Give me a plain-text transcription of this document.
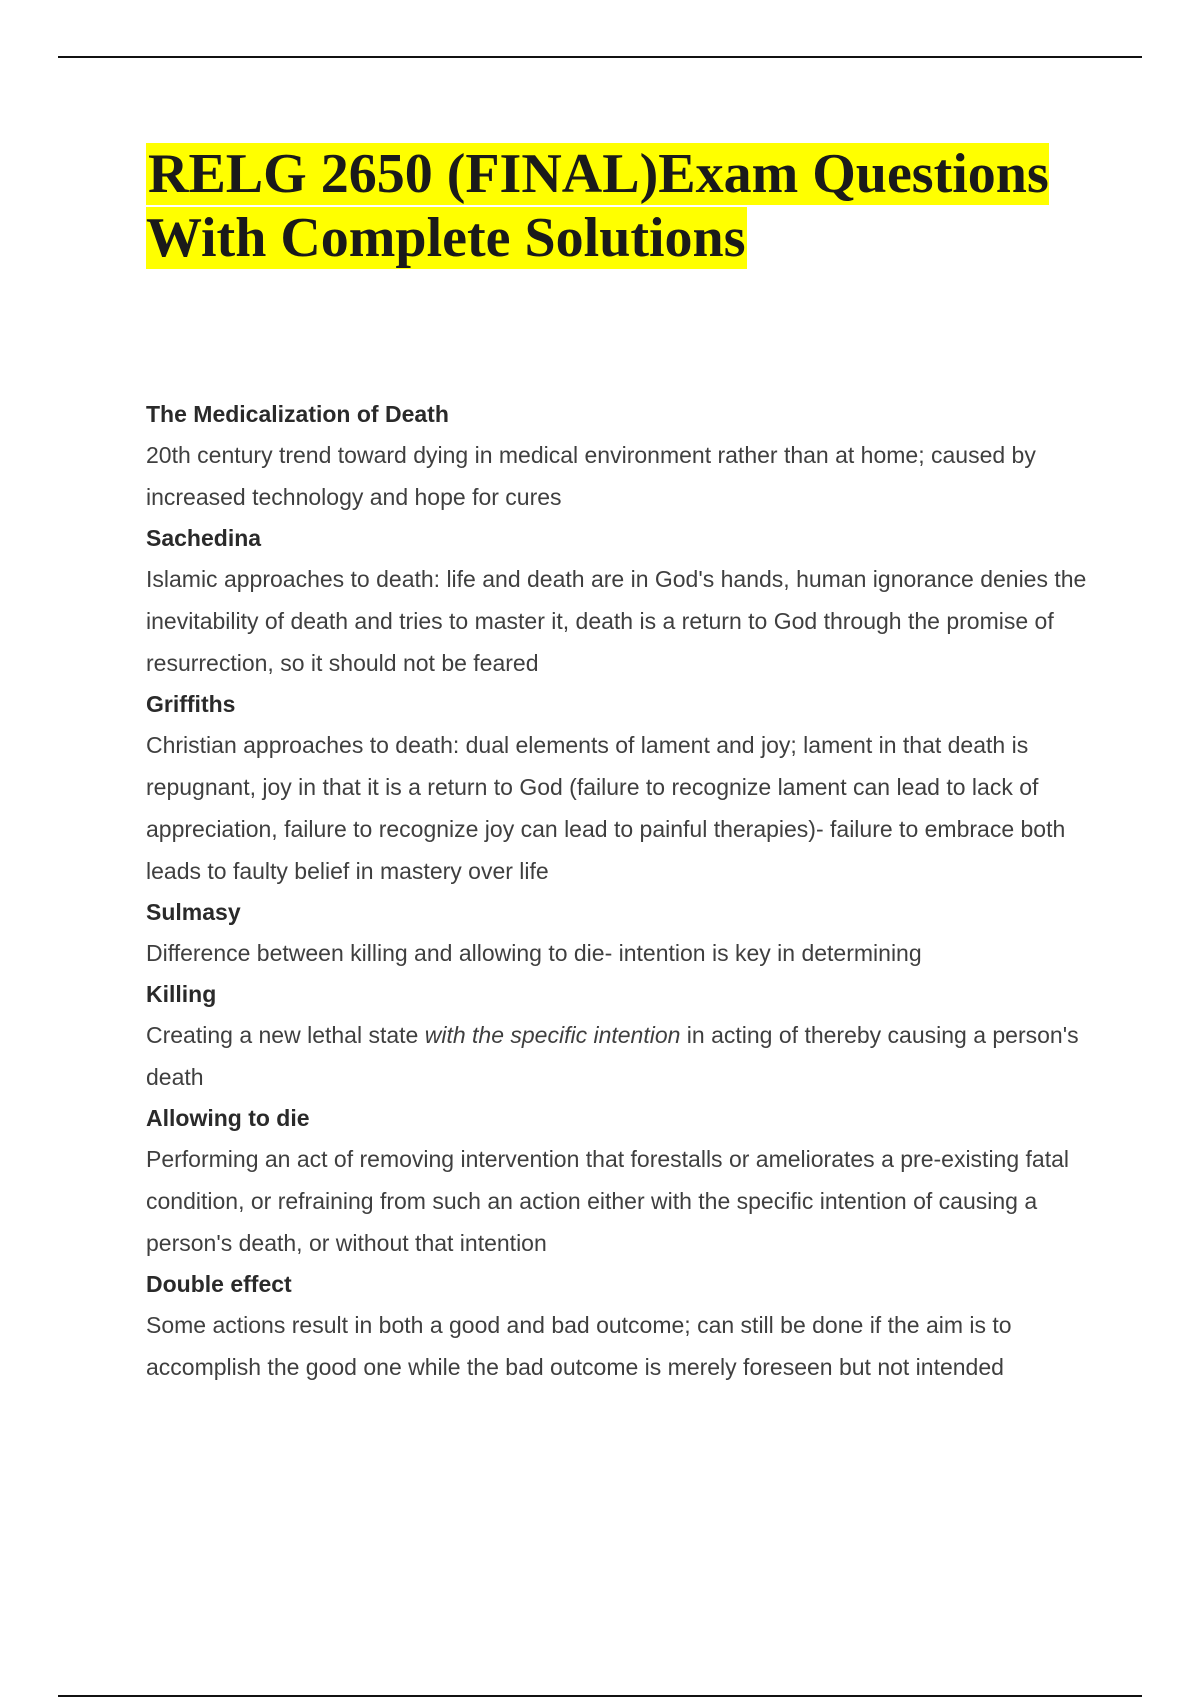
RELG 2650 (FINAL)Exam Questions With Complete Solutions
The Medicalization of Death

20th century trend toward dying in medical environment rather than at home; caused by increased technology and hope for cures

Sachedina

Islamic approaches to death: life and death are in God's hands, human ignorance denies the inevitability of death and tries to master it, death is a return to God through the promise of resurrection, so it should not be feared

Griffiths

Christian approaches to death: dual elements of lament and joy; lament in that death is repugnant, joy in that it is a return to God (failure to recognize lament can lead to lack of appreciation, failure to recognize joy can lead to painful therapies)- failure to embrace both leads to faulty belief in mastery over life

Sulmasy

Difference between killing and allowing to die- intention is key in determining

Killing

Creating a new lethal state with the specific intention in acting of thereby causing a person's death

Allowing to die

Performing an act of removing intervention that forestalls or ameliorates a pre-existing fatal condition, or refraining from such an action either with the specific intention of causing a person's death, or without that intention

Double effect

Some actions result in both a good and bad outcome; can still be done if the aim is to accomplish the good one while the bad outcome is merely foreseen but not intended
